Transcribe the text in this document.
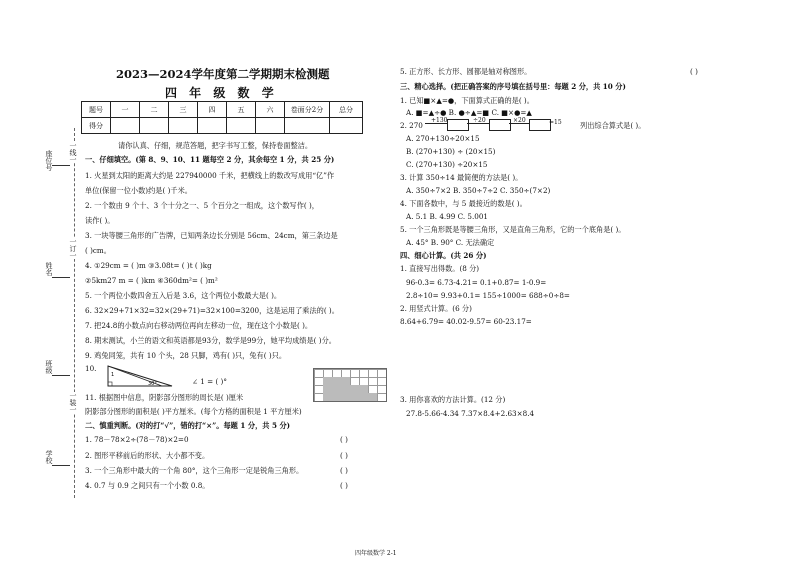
座位号
姓名
班级
学校
一线一
一订一
一装一
2023—2024学年度第二学期期末检测题
四 年 级 数 学
题号	一	二	三	四	五	六	卷面分2分	总分
得分								
请你认真、仔细，规范答题，把字书写工整，保持卷面整洁。
一、仔细填空。(第 8、9、10、11 题每空 2 分，其余每空 1 分，共 25 分)
1. 火星到太阳的距离大约是 227940000 千米，把横线上的数改写成用“亿”作
单位(保留一位小数)约是( )千米。
2. 一个数由 9 个十、3 个十分之一、5 个百分之一组成，这个数写作( )，
读作( )。
3. 一块等腰三角形的广告牌，已知两条边长分别是 56cm、24cm，第三条边是
( )cm。
4. ①29cm = ( )m ③3.08t= ( )t ( )kg
②5km27 m = ( )km ④360dm²= ( )m²
5. 一个两位小数四舍五入后是 3.6，这个两位小数最大是( )。
6. 32×29+71×32=32×(29+71)=32×100=3200，这是运用了乘法的( )。
7. 把24.8的小数点向右移动两位再向左移动一位，现在这个小数是( )。
8. 期末测试，小兰的语文和英语都是93分，数学是99分，她平均成绩是( )分。
9. 鸡兔同笼，共有 10 个头，28 只脚，鸡有( )只，兔有( )只。
10.
1
30°	∠ 1 = ( )°
11. 根据图中信息，阴影部分图形的周长是( )厘米
阴影部分图形的面积是( )平方厘米。(每个方格的面积是 1 平方厘米)
二、慎重判断。(对的打“√”，错的打“×”。每题 1 分，共 5 分)
1. 78－78×2÷(78－78)×2=0	( )
2. 图形平移前后的形状、大小都不变。	( )
3. 一个三角形中最大的一个角 80°，这个三角形一定是锐角三角形。	( )
4. 0.7 与 0.9 之间只有一个小数 0.8。	( )
5. 正方形、长方形、圆都是轴对称图形。	( )
三、精心选择。(把正确答案的序号填在括号里：每题 2 分，共 10 分)
1. 已知■×▲=●，下面算式正确的是( )。
A. ■=▲÷● B. ●÷▲=■ C. ■×●=▲
2. 270
+130	÷20	×20	=15	列出综合算式是( )。
A. 270+130÷20×15
B. (270+130) ÷ (20×15)
C. (270+130) ÷20×15
3. 计算 350÷14 最简便的方法是( )。
A. 350÷7×2 B. 350÷7÷2 C. 350÷(7×2)
4. 下面各数中，与 5 最接近的数是( )。
A. 5.1 B. 4.99 C. 5.001
5. 一个三角形既是等腰三角形，又是直角三角形，它的一个底角是( )。
A. 45° B. 90° C. 无法确定
四、细心计算。(共 26 分)
1. 直接写出得数。(8 分)
96-0.3= 6.73-4.21= 0.1+0.87= 1-0.9=
2.8÷10= 9.93+0.1= 155÷1000= 688÷0÷8=
2. 用竖式计算。(6 分)
8.64+6.79= 40.02-9.57= 60-23.17=
3. 用你喜欢的方法计算。(12 分)
27.8-5.66-4.34 7.37×8.4+2.63×8.4
四年级数学 2-1
